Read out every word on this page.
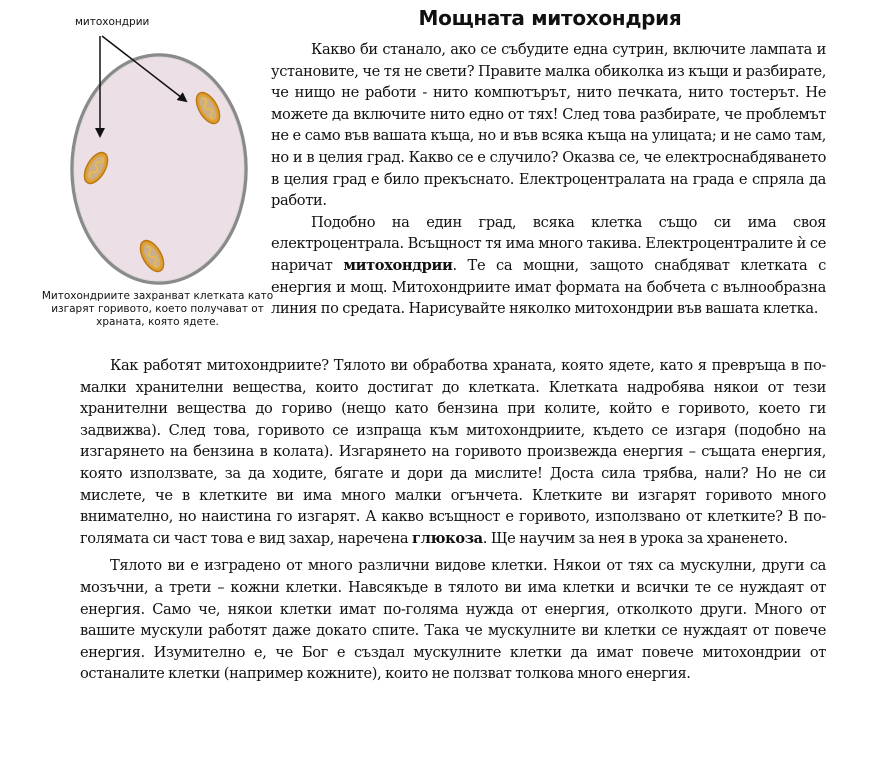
митохондрии
Митохондриите захранват клетката като изгарят горивото, което получават от храната, която ядете.
Мощната митохондрия

Какво би станало, ако се събудите една сутрин, включите лампата и установите, че тя не свети? Правите малка обиколка из къщи и разбирате, че нищо не работи - нито компютърът, нито печката, нито тостерът. Не можете да включите нито едно от тях! След това разбирате, че проблемът не е само във вашата къща, но и във всяка къща на улицата; и не само там, но и в целия град. Какво се е случило? Оказва се, че електроснабдяването в целия град е било прекъснато. Електроцентралата на града е спряла да работи.

Подобно на един град, всяка клетка също си има своя електроцентрала. Всъщност тя има много такива. Електроцентралите ѝ се наричат митохондрии. Те са мощни, защото снабдяват клетката с енергия и мощ. Митохондриите имат формата на бобчета с вълнообразна линия по средата. Нарисувайте няколко митохондрии във вашата клетка.

Как работят митохондриите? Тялото ви обработва храната, която ядете, като я превръща в по-малки хранителни вещества, които достигат до клетката. Клетката надробява някои от тези хранителни вещества до гориво (нещо като бензина при колите, който е горивото, което ги задвижва). След това, горивото се изпраща към митохондриите, където се изгаря (подобно на изгарянето на бензина в колата). Изгарянето на горивото произвежда енергия – същата енергия, която използвате, за да ходите, бягате и дори да мислите! Доста сила трябва, нали? Но не си мислете, че в клетките ви има много малки огънчета. Клетките ви изгарят горивото много внимателно, но наистина го изгарят. А какво всъщност е горивото, използвано от клетките? В по-голямата си част това е вид захар, наречена глюкоза. Ще научим за нея в урока за храненето.

Тялото ви е изградено от много различни видове клетки. Някои от тях са мускулни, други са мозъчни, а трети – кожни клетки. Навсякъде в тялото ви има клетки и всички те се нуждаят от енергия. Само че, някои клетки имат по-голяма нужда от енергия, отколкото други. Много от вашите мускули работят даже докато спите. Така че мускулните ви клетки се нуждаят от повече енергия. Изумително е, че Бог е създал мускулните клетки да имат повече митохондрии от останалите клетки (например кожните), които не ползват толкова много енергия.
